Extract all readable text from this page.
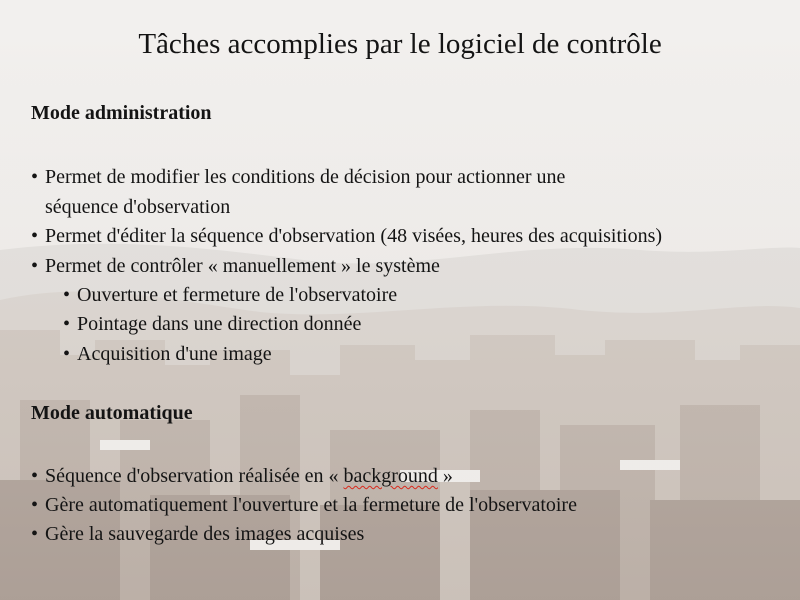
Tâches accomplies par le logiciel de contrôle
Mode administration
• Permet de modifier les conditions de décision pour actionner une
séquence d'observation
• Permet d'éditer la séquence d'observation (48 visées, heures des acquisitions)
• Permet de contrôler « manuellement » le système
• Ouverture et fermeture de l'observatoire
• Pointage dans une direction donnée
• Acquisition d'une image
Mode automatique
• Séquence d'observation réalisée en « background »
• Gère automatiquement l'ouverture et la fermeture de l'observatoire
• Gère la sauvegarde des images acquises
